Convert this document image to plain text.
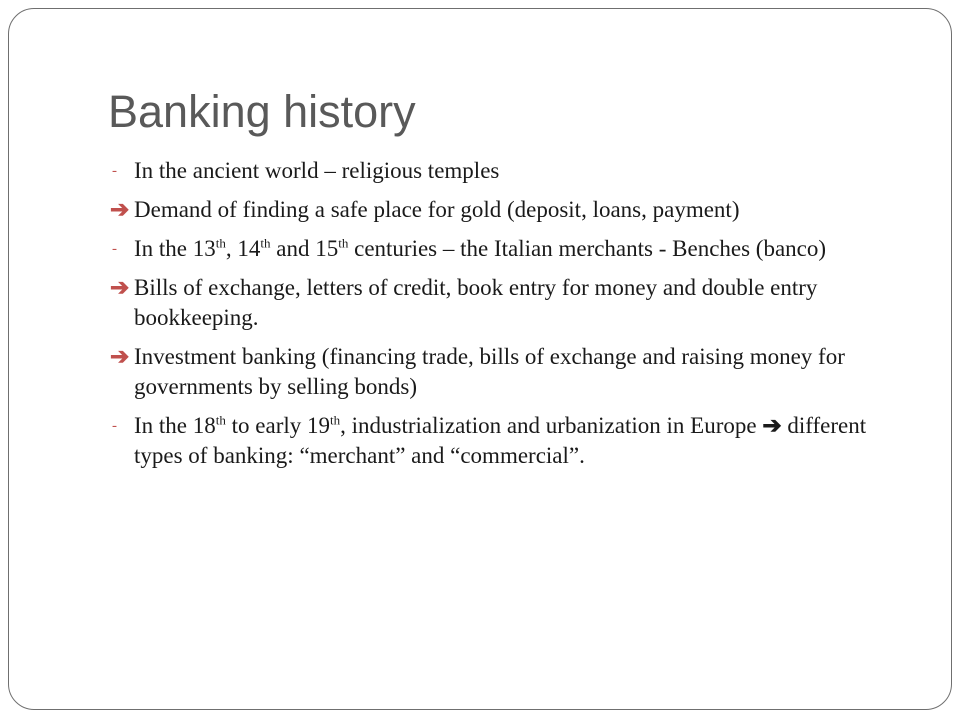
Banking history
- In the ancient world – religious temples
➔ Demand of finding a safe place for gold (deposit, loans, payment)
- In the 13th, 14th and 15th centuries – the Italian merchants - Benches (banco)
➔ Bills of exchange, letters of credit, book entry for money and double entry bookkeeping.
➔ Investment banking (financing trade, bills of exchange and raising money for governments by selling bonds)
- In the 18th to early 19th, industrialization and urbanization in Europe ➔ different types of banking: “merchant” and “commercial”.
